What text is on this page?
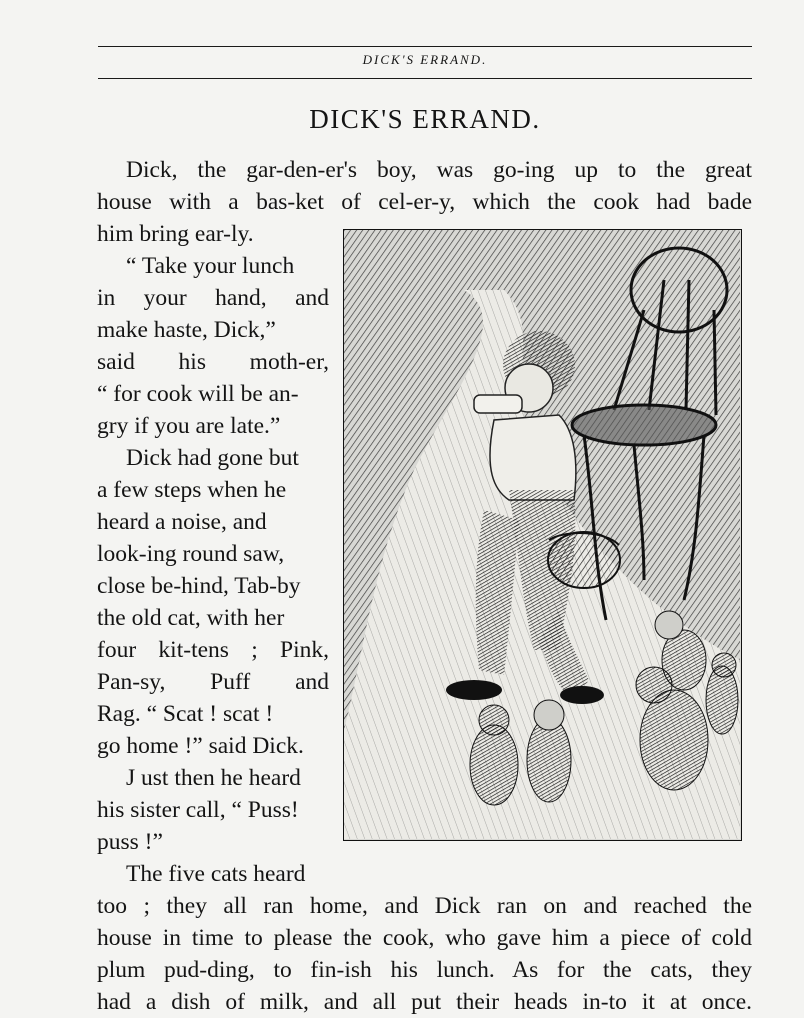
DICK'S ERRAND.
DICK'S ERRAND.
Dick, the gar-den-er's boy, was go-ing up to the great
house with a bas-ket of cel-er-y, which the cook had bade
him bring ear-ly.
“ Take your lunch
in your hand, and
make haste, Dick,”
said his moth-er,
“ for cook will be an-
gry if you are late.”
Dick had gone but
a few steps when he
heard a noise, and
look-ing round saw,
close be-hind, Tab-by
the old cat, with her
four kit-tens ; Pink,
Pan-sy, Puff and
Rag. “ Scat ! scat !
go home !” said Dick.
J ust then he heard
his sister call, “ Puss!
puss !”
The five cats heard
too ; they all ran home, and Dick ran on and reached the
house in time to please the cook, who gave him a piece of cold
plum pud-ding, to fin-ish his lunch. As for the cats, they
had a dish of milk, and all put their heads in-to it at once.
